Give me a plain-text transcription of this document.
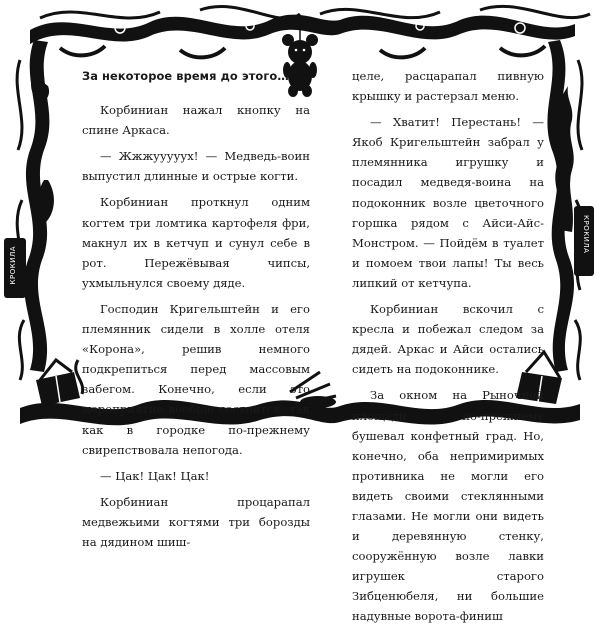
КРОКИЛА
КРОКИЛА

За некоторое время до этого…

Корбиниан нажал кнопку на спине Аркаса.

— Жжжууууух! — Медведь-воин выпустил длинные и острые когти.

Корбиниан проткнул одним когтем три ломтика картофеля фри, макнул их в кетчуп и сунул себе в рот. Пережёвывая чипсы, ухмыльнулся своему дяде.

Господин Кригельштейн и его племянник сидели в холле отеля «Корона», решив немного подкрепиться перед массовым забегом. Конечно, если это мероприятие вообще состоится, так как в городке по-прежнему свирепствовала непогода.

— Цак! Цак! Цак!

Корбиниан процарапал медвежьими когтями три борозды на дядином шиш-

целе, расцарапал пивную крышку и растерзал меню.

— Хватит! Перестань! — Якоб Кригельштейн забрал у племянника игрушку и посадил медведя-воина на подоконник возле цветочного горшка рядом с Айси-Айс-Монстром. — Пойдём в туалет и помоем твои лапы! Ты весь липкий от кетчупа.

Корбиниан вскочил с кресла и побежал следом за дядей. Аркас и Айси остались сидеть на подоконнике.

За окном на Рыночной площади по-прежнему бушевал конфетный град. Но, конечно, оба непримиримых противника не могли его видеть своими стеклянными глазами. Не могли они видеть и деревянную стенку, сооружённую возле лавки игрушек старого Зибценюбеля, ни большие надувные ворота-финиш
